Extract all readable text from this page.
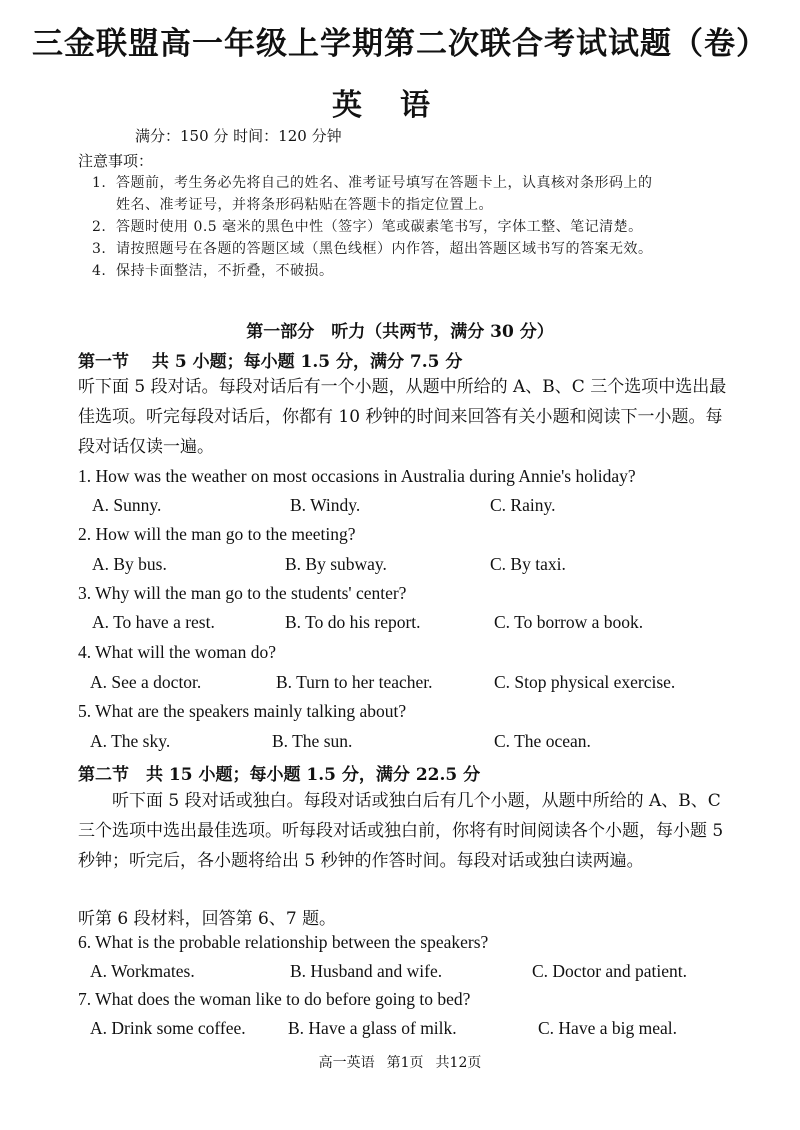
三金联盟高一年级上学期第二次联合考试试题（卷）
英语
满分：150 分 时间：120 分钟
注意事项：
1. 答题前，考生务必先将自己的姓名、准考证号填写在答题卡上，认真核对条形码上的
姓名、准考证号，并将条形码粘贴在答题卡的指定位置上。
2. 答题时使用 0.5 毫米的黑色中性（签字）笔或碳素笔书写，字体工整、笔记清楚。
3. 请按照题号在各题的答题区域（黑色线框）内作答，超出答题区域书写的答案无效。
4. 保持卡面整洁，不折叠，不破损。
第一部分　听力（共两节，满分 30 分）
第一节　 共 5 小题；每小题 1.5 分，满分 7.5 分
听下面 5 段对话。每段对话后有一个小题，从题中所给的 A、B、C 三个选项中选出最佳选项。听完每段对话后，你都有 10 秒钟的时间来回答有关小题和阅读下一小题。每段对话仅读一遍。
1. How was the weather on most occasions in Australia during Annie's holiday?
A. Sunny.	B. Windy.	C. Rainy.
2. How will the man go to the meeting?
A. By bus.	B. By subway.	C. By taxi.
3. Why will the man go to the students' center?
A. To have a rest.	B. To do his report.	C. To borrow a book.
4. What will the woman do?
A. See a doctor.	B. Turn to her teacher.	C. Stop physical exercise.
5. What are the speakers mainly talking about?
A. The sky.	B. The sun.	C. The ocean.
第二节　共 15 小题；每小题 1.5 分，满分 22.5 分
听下面 5 段对话或独白。每段对话或独白后有几个小题，从题中所给的 A、B、C 三个选项中选出最佳选项。听每段对话或独白前，你将有时间阅读各个小题，每小题 5 秒钟；听完后，各小题将给出 5 秒钟的作答时间。每段对话或独白读两遍。
听第 6 段材料，回答第 6、7 题。
6. What is the probable relationship between the speakers?
A. Workmates.	B. Husband and wife.	C. Doctor and patient.
7. What does the woman like to do before going to bed?
A. Drink some coffee. B. Have a glass of milk.	C. Have a big meal.
高一英语 第1页 共12页
